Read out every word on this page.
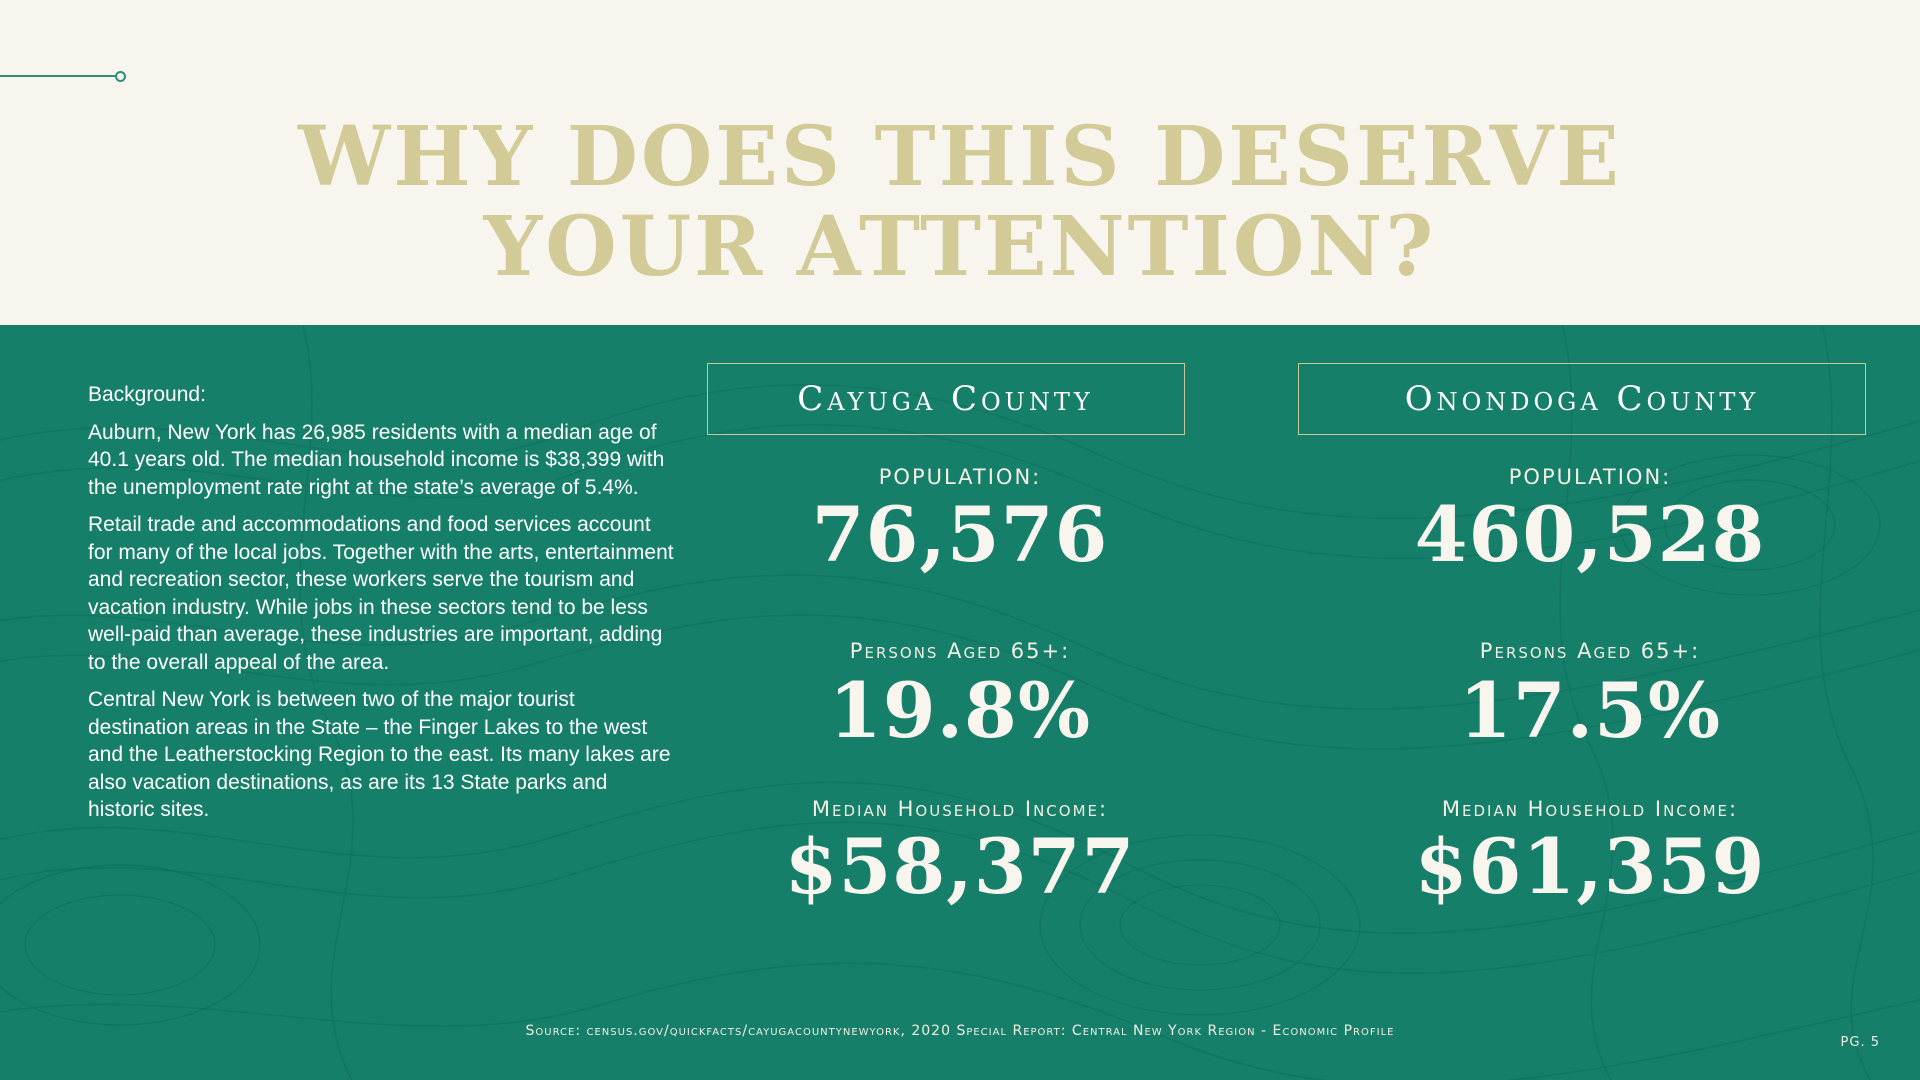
WHY DOES THIS DESERVE
YOUR ATTENTION?

Background:

Auburn, New York has 26,985 residents with a median age of 40.1 years old. The median household income is $38,399 with the unemployment rate right at the state’s average of 5.4%.

Retail trade and accommodations and food services account for many of the local jobs. Together with the arts, entertainment and recreation sector, these workers serve the tourism and vacation industry. While jobs in these sectors tend to be less well-paid than average, these industries are important, adding to the overall appeal of the area.

Central New York is between two of the major tourist destination areas in the State – the Finger Lakes to the west and the Leatherstocking Region to the east. Its many lakes are also vacation destinations, as are its 13 State parks and historic sites.

Cayuga County
POPULATION:
76,576
Persons Aged 65+:
19.8%
Median Household Income:
$58,377
Onondoga County
POPULATION:
460,528
Persons Aged 65+:
17.5%
Median Household Income:
$61,359
Source: census.gov/quickfacts/cayugacountynewyork, 2020 Special Report: Central New York Region - Economic Profile
PG. 5
